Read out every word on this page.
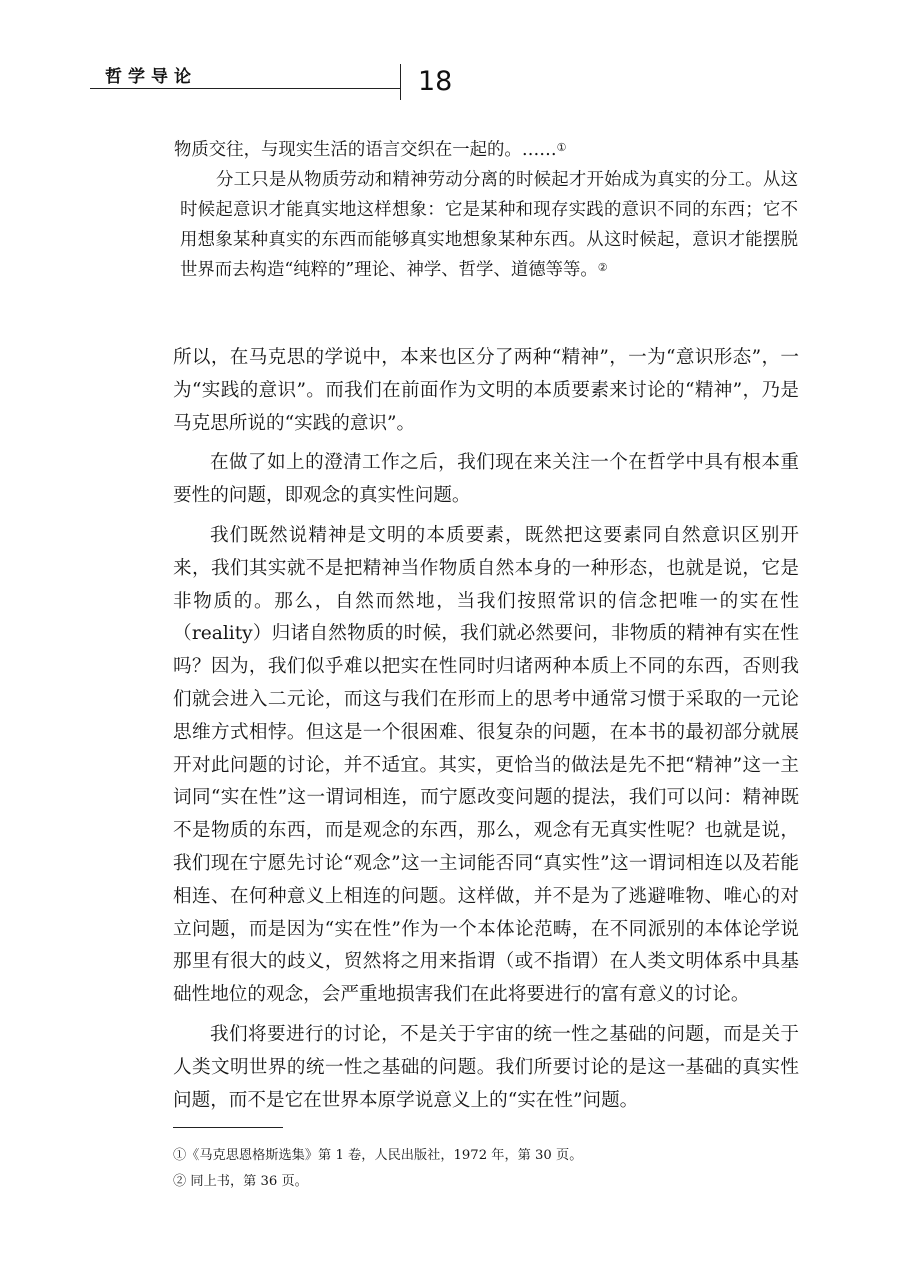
哲学导论	18

物质交往，与现实生活的语言交织在一起的。……①

分工只是从物质劳动和精神劳动分离的时候起才开始成为真实的分工。从这时候起意识才能真实地这样想象：它是某种和现存实践的意识不同的东西；它不用想象某种真实的东西而能够真实地想象某种东西。从这时候起，意识才能摆脱世界而去构造“纯粹的”理论、神学、哲学、道德等等。②

所以，在马克思的学说中，本来也区分了两种“精神”，一为“意识形态”，一为“实践的意识”。而我们在前面作为文明的本质要素来讨论的“精神”，乃是马克思所说的“实践的意识”。

在做了如上的澄清工作之后，我们现在来关注一个在哲学中具有根本重要性的问题，即观念的真实性问题。

我们既然说精神是文明的本质要素，既然把这要素同自然意识区别开来，我们其实就不是把精神当作物质自然本身的一种形态，也就是说，它是非物质的。那么，自然而然地，当我们按照常识的信念把唯一的实在性（reality）归诸自然物质的时候，我们就必然要问，非物质的精神有实在性吗？因为，我们似乎难以把实在性同时归诸两种本质上不同的东西，否则我们就会进入二元论，而这与我们在形而上的思考中通常习惯于采取的一元论思维方式相悖。但这是一个很困难、很复杂的问题，在本书的最初部分就展开对此问题的讨论，并不适宜。其实，更恰当的做法是先不把“精神”这一主词同“实在性”这一谓词相连，而宁愿改变问题的提法，我们可以问：精神既不是物质的东西，而是观念的东西，那么，观念有无真实性呢？也就是说，我们现在宁愿先讨论“观念”这一主词能否同“真实性”这一谓词相连以及若能相连、在何种意义上相连的问题。这样做，并不是为了逃避唯物、唯心的对立问题，而是因为“实在性”作为一个本体论范畴，在不同派别的本体论学说那里有很大的歧义，贸然将之用来指谓（或不指谓）在人类文明体系中具基础性地位的观念，会严重地损害我们在此将要进行的富有意义的讨论。

我们将要进行的讨论，不是关于宇宙的统一性之基础的问题，而是关于人类文明世界的统一性之基础的问题。我们所要讨论的是这一基础的真实性问题，而不是它在世界本原学说意义上的“实在性”问题。

①《马克思恩格斯选集》第 1 卷，人民出版社，1972 年，第 30 页。
② 同上书，第 36 页。
